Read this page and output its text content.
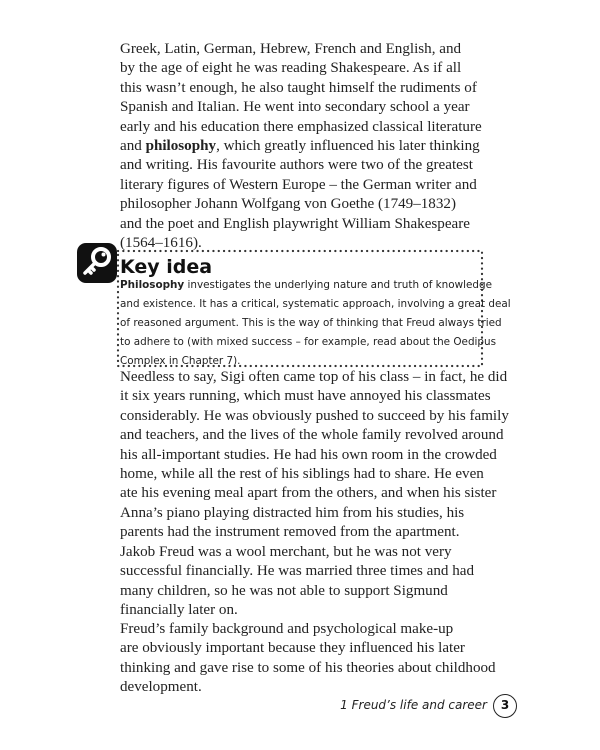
Greek, Latin, German, Hebrew, French and English, and
by the age of eight he was reading Shakespeare. As if all
this wasn’t enough, he also taught himself the rudiments of
Spanish and Italian. He went into secondary school a year
early and his education there emphasized classical literature
and philosophy, which greatly influenced his later thinking
and writing. His favourite authors were two of the greatest
literary figures of Western Europe – the German writer and
philosopher Johann Wolfgang von Goethe (1749–1832)
and the poet and English playwright William Shakespeare
(1564–1616).
Key idea
Philosophy investigates the underlying nature and truth of knowledge
and existence. It has a critical, systematic approach, involving a great deal
of reasoned argument. This is the way of thinking that Freud always tried
to adhere to (with mixed success – for example, read about the Oedipus
Complex in Chapter 7).
Needless to say, Sigi often came top of his class – in fact, he did
it six years running, which must have annoyed his classmates
considerably. He was obviously pushed to succeed by his family
and teachers, and the lives of the whole family revolved around
his all-important studies. He had his own room in the crowded
home, while all the rest of his siblings had to share. He even
ate his evening meal apart from the others, and when his sister
Anna’s piano playing distracted him from his studies, his
parents had the instrument removed from the apartment.
Jakob Freud was a wool merchant, but he was not very
successful financially. He was married three times and had
many children, so he was not able to support Sigmund
financially later on.
Freud’s family background and psychological make-up
are obviously important because they influenced his later
thinking and gave rise to some of his theories about childhood
development.
1 Freud’s life and career	3
